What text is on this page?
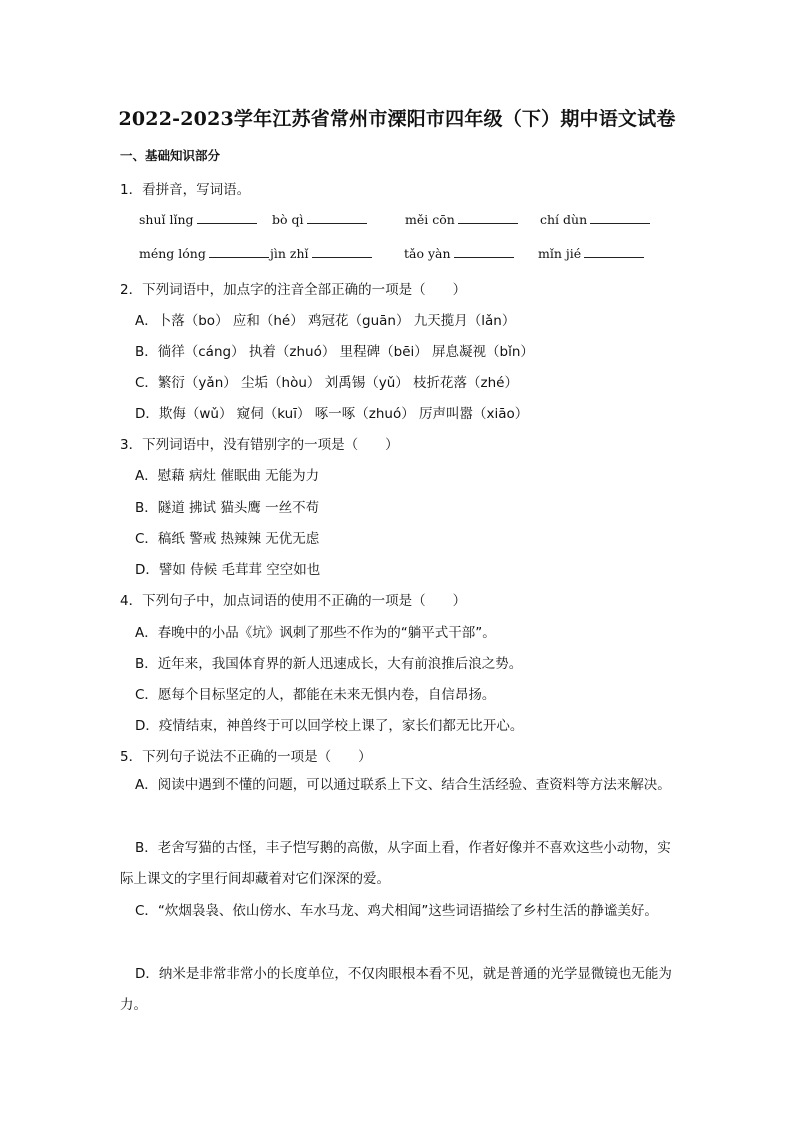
2022-2023学年江苏省常州市溧阳市四年级（下）期中语文试卷
一、基础知识部分
1．看拼音，写词语。
shuǐ lǐng	bò qì	měi cōn	chí dùn
méng lóng	jìn zhǐ	tǎo yàn	mǐn jié
2．下列词语中，加点字的注音全部正确的一项是（　　）
A．卜落（bo） 应和（hé） 鸡冠花（guān） 九天揽月（lǎn）
B．徜徉（cáng） 执着（zhuó） 里程碑（bēi） 屏息凝视（bǐn）
C．繁衍（yǎn） 尘垢（hòu） 刘禹锡（yǔ） 枝折花落（zhé）
D．欺侮（wǔ） 窥伺（kuī） 啄一啄（zhuó） 厉声叫嚣（xiāo）
3．下列词语中，没有错别字的一项是（　　）
A．慰藉 病灶 催眠曲 无能为力
B．隧道 拂试 猫头鹰 一丝不苟
C．稿纸 警戒 热辣辣 无优无虑
D．譬如 侍候 毛茸茸 空空如也
4．下列句子中，加点词语的使用不正确的一项是（　　）
A．春晚中的小品《坑》讽刺了那些不作为的“躺平式干部”。
B．近年来，我国体育界的新人迅速成长，大有前浪推后浪之势。
C．愿每个目标坚定的人，都能在未来无惧内卷，自信昂扬。
D．疫情结束，神兽终于可以回学校上课了，家长们都无比开心。
5．下列句子说法不正确的一项是（　　）
A．阅读中遇到不懂的问题，可以通过联系上下文、结合生活经验、查资料等方法来解决。
B．老舍写猫的古怪，丰子恺写鹅的高傲，从字面上看，作者好像并不喜欢这些小动物，实际上课文的字里行间却藏着对它们深深的爱。
C．“炊烟袅袅、依山傍水、车水马龙、鸡犬相闻”这些词语描绘了乡村生活的静谧美好。
D．纳米是非常非常小的长度单位，不仅肉眼根本看不见，就是普通的光学显微镜也无能为力。
